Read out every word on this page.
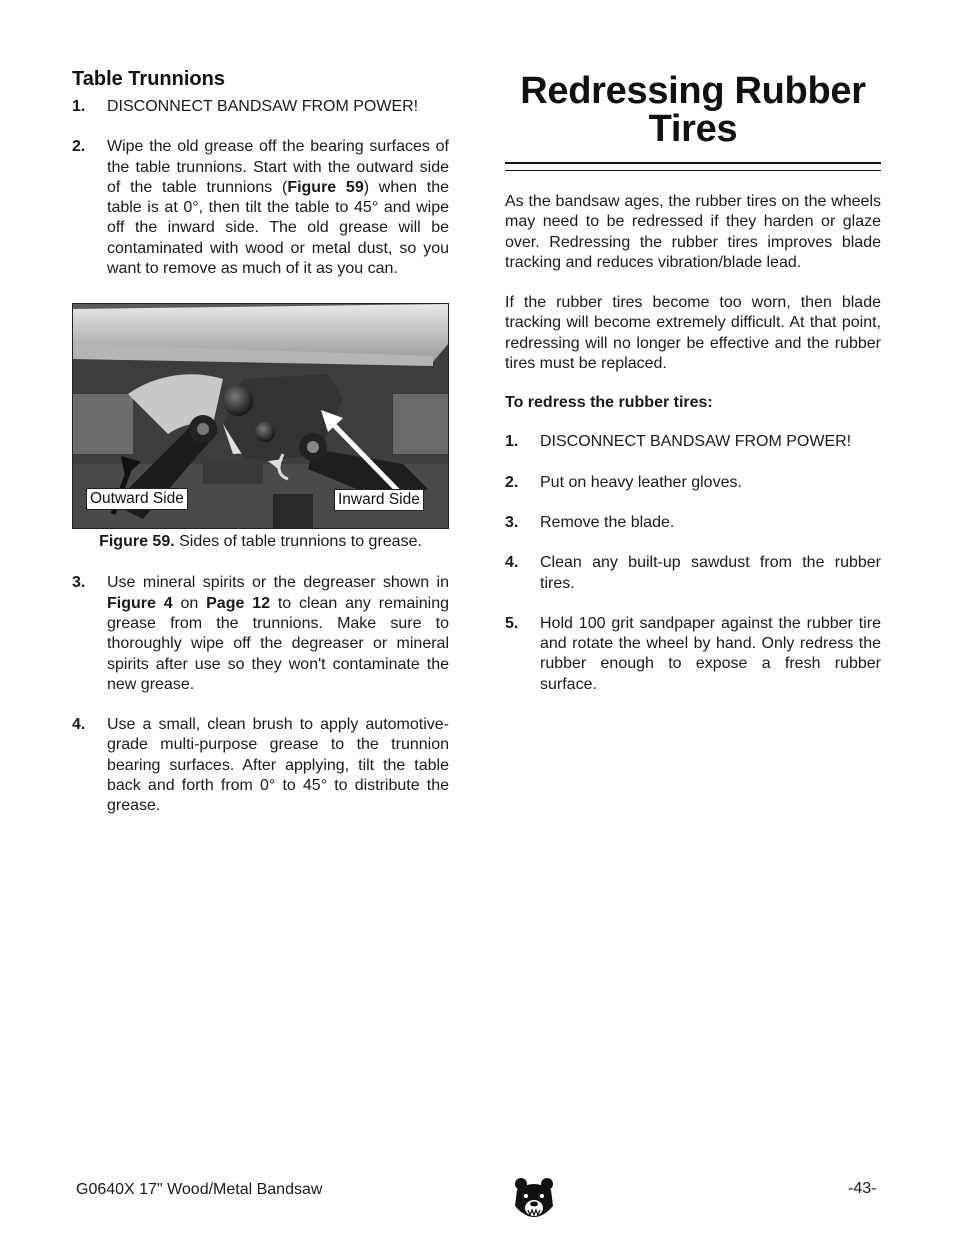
Table Trunnions
1.	DISCONNECT BANDSAW FROM POWER!
2.	Wipe the old grease off the bearing surfaces of the table trunnions. Start with the outward side of the table trunnions (Figure 59) when the table is at 0°, then tilt the table to 45° and wipe off the inward side. The old grease will be contaminated with wood or metal dust, so you want to remove as much of it as you can.
Outward Side	Inward Side
Figure 59. Sides of table trunnions to grease.
3.	Use mineral spirits or the degreaser shown in Figure 4 on Page 12 to clean any remaining grease from the trunnions. Make sure to thoroughly wipe off the degreaser or mineral spirits after use so they won't contaminate the new grease.
4.	Use a small, clean brush to apply automotive-grade multi-purpose grease to the trunnion bearing surfaces. After applying, tilt the table back and forth from 0° to 45° to distribute the grease.
Redressing Rubber Tires

As the bandsaw ages, the rubber tires on the wheels may need to be redressed if they harden or glaze over. Redressing the rubber tires improves blade tracking and reduces vibration/blade lead.

If the rubber tires become too worn, then blade tracking will become extremely difficult. At that point, redressing will no longer be effective and the rubber tires must be replaced.

To redress the rubber tires:

1.	DISCONNECT BANDSAW FROM POWER!
2.	Put on heavy leather gloves.
3.	Remove the blade.
4.	Clean any built-up sawdust from the rubber tires.
5.	Hold 100 grit sandpaper against the rubber tire and rotate the wheel by hand. Only redress the rubber enough to expose a fresh rubber surface.
G0640X 17" Wood/Metal Bandsaw	-43-
